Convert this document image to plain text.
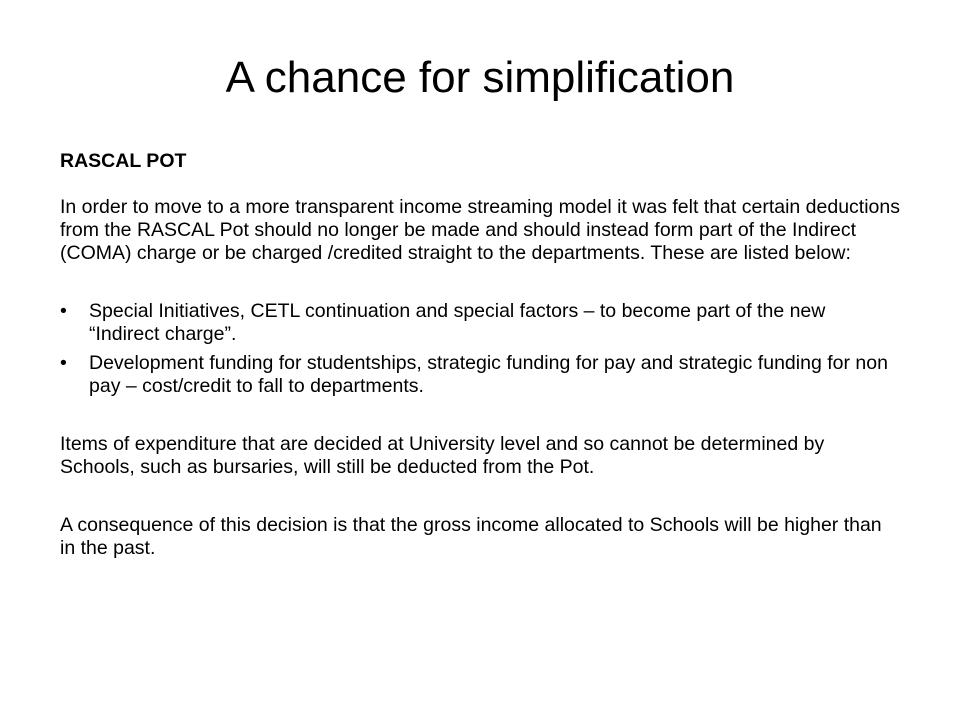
A chance for simplification

RASCAL POT

In order to move to a more transparent income streaming model it was felt that certain deductions from the RASCAL Pot should no longer be made and should instead form part of the Indirect (COMA) charge or be charged /credited straight to the departments. These are listed below:

• Special Initiatives, CETL continuation and special factors – to become part of the new “Indirect charge”.
• Development funding for studentships, strategic funding for pay and strategic funding for non pay – cost/credit to fall to departments.

Items of expenditure that are decided at University level and so cannot be determined by Schools, such as bursaries, will still be deducted from the Pot.

A consequence of this decision is that the gross income allocated to Schools will be higher than in the past.
